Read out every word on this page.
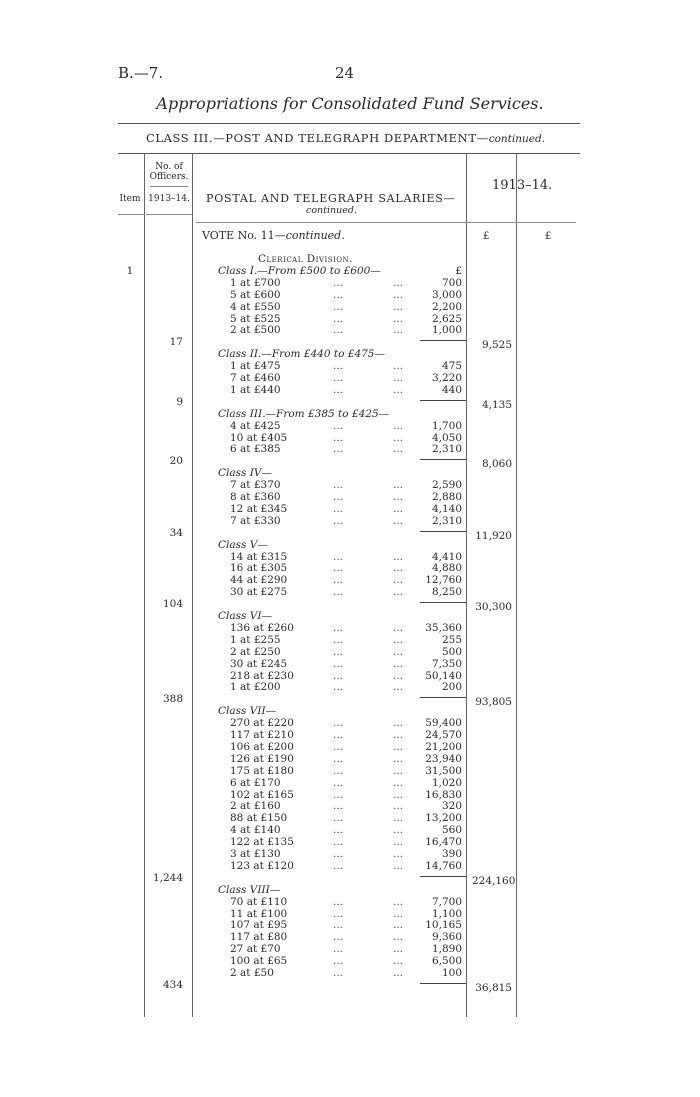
B.—7.	24
Appropriations for Consolidated Fund Services.
CLASS III.—POST AND TELEGRAPH DEPARTMENT—continued.
No. of Officers.
1913–14.
Item	POSTAL AND TELEGRAPH SALARIES—
continued.
1913–14.
VOTE No. 11—continued.	£	£
Clerical Division.
1	£
Class I.—From £500 to £600—
1 at £700	...	...	700
5 at £600	...	...	3,000
4 at £550	...	...	2,200
5 at £525	...	...	2,625
2 at £500	...	...	1,000
17	9,525
Class II.—From £440 to £475—
1 at £475	...	...	475
7 at £460	...	...	3,220
1 at £440	...	...	440
9	4,135
Class III.—From £385 to £425—
4 at £425	...	...	1,700
10 at £405	...	...	4,050
6 at £385	...	...	2,310
20	8,060
Class IV—
7 at £370	...	...	2,590
8 at £360	...	...	2,880
12 at £345	...	...	4,140
7 at £330	...	...	2,310
34	11,920
Class V—
14 at £315	...	...	4,410
16 at £305	...	...	4,880
44 at £290	...	...	12,760
30 at £275	...	...	8,250
104	30,300
Class VI—
136 at £260	...	...	35,360
1 at £255	...	...	255
2 at £250	...	...	500
30 at £245	...	...	7,350
218 at £230	...	...	50,140
1 at £200	...	...	200
388	93,805
Class VII—
270 at £220	...	...	59,400
117 at £210	...	...	24,570
106 at £200	...	...	21,200
126 at £190	...	...	23,940
175 at £180	...	...	31,500
6 at £170	...	...	1,020
102 at £165	...	...	16,830
2 at £160	...	...	320
88 at £150	...	...	13,200
4 at £140	...	...	560
122 at £135	...	...	16,470
3 at £130	...	...	390
123 at £120	...	...	14,760
1,244	224,160
Class VIII—
70 at £110	...	...	7,700
11 at £100	...	...	1,100
107 at £95	...	...	10,165
117 at £80	...	...	9,360
27 at £70	...	...	1,890
100 at £65	...	...	6,500
2 at £50	...	...	100
434	36,815
